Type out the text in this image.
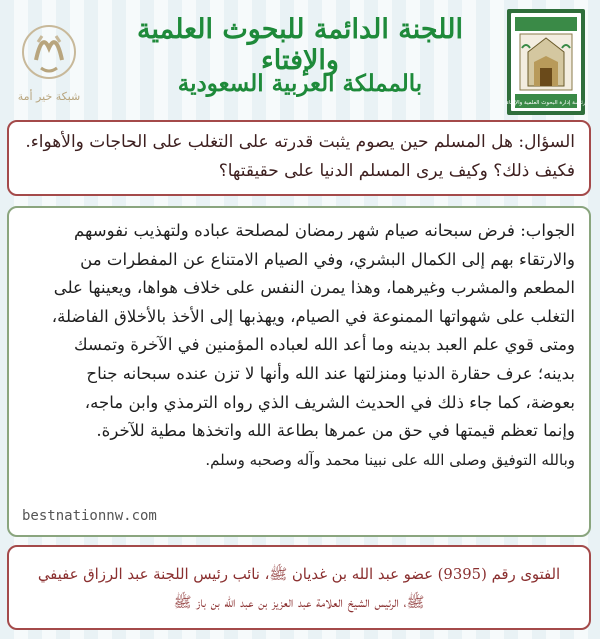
شبكة خير أمة
اللجنة الدائمة للبحوث العلمية والإفتاء
بالمملكة العربية السعودية
رئاسة إدارة البحوث العلمية والإفتاء
السؤال: هل المسلم حين يصوم يثبت قدرته على التغلب على الحاجات والأهواء.
فكيف ذلك؟ وكيف يرى المسلم الدنيا على حقيقتها؟
الجواب: فرض سبحانه صيام شهر رمضان لمصلحة عباده ولتهذيب نفوسهم
والارتقاء بهم إلى الكمال البشري، وفي الصيام الامتناع عن المفطرات من
المطعم والمشرب وغيرهما، وهذا يمرن النفس على خلاف هواها، ويعينها على
التغلب على شهواتها الممنوعة في الصيام، ويهذبها إلى الأخذ بالأخلاق الفاضلة،
ومتى قوي علم العبد بدينه وما أعد الله لعباده المؤمنين في الآخرة وتمسك
بدينه؛ عرف حقارة الدنيا ومنزلتها عند الله وأنها لا تزن عنده سبحانه جناح
بعوضة، كما جاء ذلك في الحديث الشريف الذي رواه الترمذي وابن ماجه،
وإنما تعظم قيمتها في حق من عمرها بطاعة الله واتخذها مطية للآخرة.
وبالله التوفيق وصلى الله على نبينا محمد وآله وصحبه وسلم.
bestnationnw.com
الفتوى رقم (9395) عضو عبد الله بن غديان ﷺ، نائب رئيس اللجنة عبد الرزاق عفيفي
ﷺ، الرئيس الشيخ العلامة عبد العزيز بن عبد الله بن باز ﷺ
